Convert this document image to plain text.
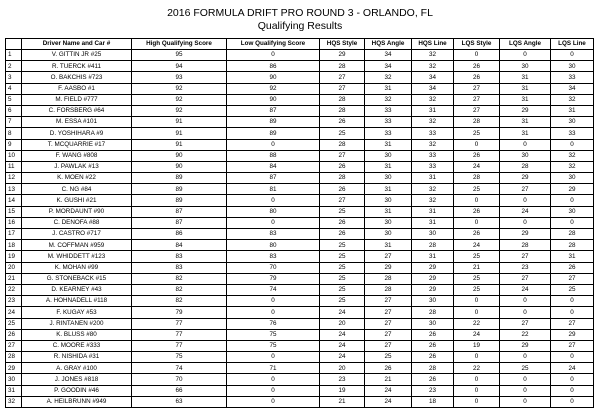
2016 FORMULA DRIFT PRO ROUND 3 - ORLANDO, FL
Qualifying Results
	Driver Name and Car #	High Qualifying Score	Low Qualifying Score	HQS Style	HQS Angle	HQS Line	LQS Style	LQS Angle	LQS Line
1	V. GITTIN JR #25	95	0	29	34	32	0	0	0
2	R. TUERCK #411	94	86	28	34	32	26	30	30
3	O. BAKCHIS #723	93	90	27	32	34	26	31	33
4	F. AASBO #1	92	92	27	31	34	27	31	34
5	M. FIELD #777	92	90	28	32	32	27	31	32
6	C. FORSBERG #64	92	87	28	33	31	27	29	31
7	M. ESSA #101	91	89	26	33	32	28	31	30
8	D. YOSHIHARA #9	91	89	25	33	33	25	31	33
9	T. MCQUARRIE #17	91	0	28	31	32	0	0	0
10	F. WANG #808	90	88	27	30	33	26	30	32
11	J. PAWLAK #13	90	84	26	31	33	24	28	32
12	K. MOEN #22	89	87	28	30	31	28	29	30
13	C. NG #84	89	81	26	31	32	25	27	29
14	K. GUSHI #21	89	0	27	30	32	0	0	0
15	P. MORDAUNT #90	87	80	25	31	31	26	24	30
16	C. DENOFA #88	87	0	26	30	31	0	0	0
17	J. CASTRO #717	86	83	26	30	30	26	29	28
18	M. COFFMAN #959	84	80	25	31	28	24	28	28
19	M. WHIDDETT #123	83	83	25	27	31	25	27	31
20	K. MOHAN #99	83	70	25	29	29	21	23	26
21	G. STONEBACK #15	82	79	25	28	29	25	27	27
22	D. KEARNEY #43	82	74	25	28	29	25	24	25
23	A. HOHNADELL #118	82	0	25	27	30	0	0	0
24	F. KUGAY #53	79	0	24	27	28	0	0	0
25	J. RINTANEN #200	77	76	20	27	30	22	27	27
26	K. BLUSS #80	77	75	24	27	26	24	22	29
27	C. MOORE #333	77	75	24	27	26	19	29	27
28	R. NISHIDA #31	75	0	24	25	26	0	0	0
29	A. GRAY #100	74	71	20	26	28	22	25	24
30	J. JONES #818	70	0	23	21	26	0	0	0
31	P. GOODIN #46	66	0	19	24	23	0	0	0
32	A. HEILBRUNN #949	63	0	21	24	18	0	0	0
